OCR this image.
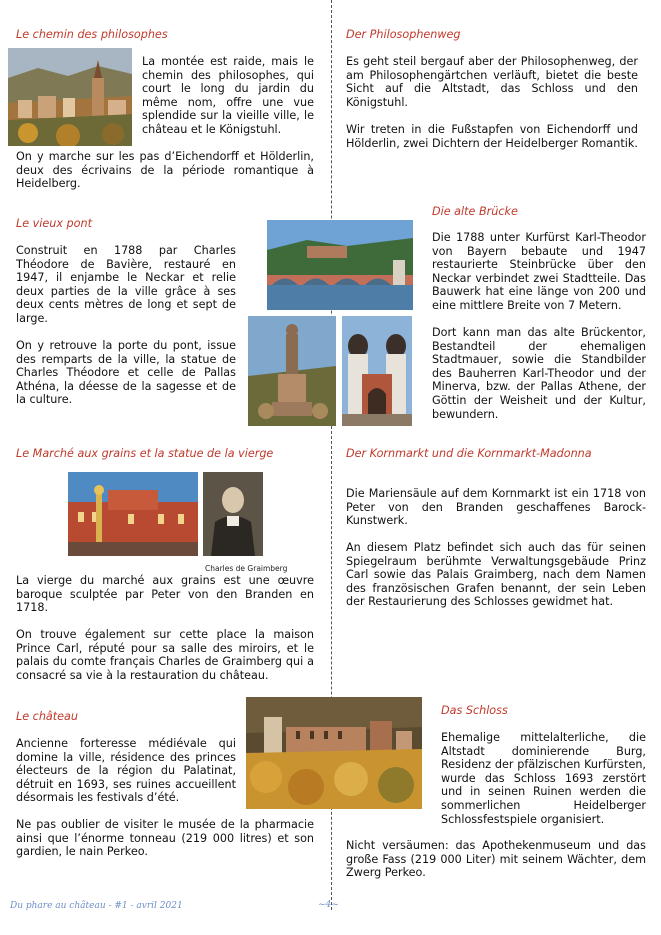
Le chemin des philosophes

La montée est raide, mais le chemin des philosophes, qui court le long du jardin du même nom, offre une vue splendide sur la vieille ville, le château et le Königstuhl.

On y marche sur les pas d’Eichendorff et Hölderlin, deux des écrivains de la période romantique à Heidelberg.

Der Philosophenweg

Es geht steil bergauf aber der Philosophenweg, der am Philosophengärtchen verläuft, bietet die beste Sicht auf die Altstadt, das Schloss und den Königstuhl.

Wir treten in die Fußstapfen von Eichendorff und Hölderlin, zwei Dichtern der Heidelberger Romantik.

Le vieux pont

Construit en 1788 par Charles Théodore de Bavière, restauré en 1947, il enjambe le Neckar et relie deux parties de la ville grâce à ses deux cents mètres de long et sept de large.

On y retrouve la porte du pont, issue des remparts de la ville, la statue de Charles Théodore et celle de Pallas Athéna, la déesse de la sagesse et de la culture.

Die alte Brücke

Die 1788 unter Kurfürst Karl-Theodor von Bayern bebaute und 1947 restaurierte Steinbrücke über den Neckar verbindet zwei Stadtteile. Das Bauwerk hat eine länge von 200 und eine mittlere Breite von 7 Metern.

Dort kann man das alte Brückentor, Bestandteil der ehemaligen Stadtmauer, sowie die Standbilder des Bauherren Karl-Theodor und der Minerva, bzw. der Pallas Athene, der Göttin der Weisheit und der Kultur, bewundern.

Le Marché aux grains et la statue de la vierge
Charles de Graimberg

La vierge du marché aux grains est une œuvre baroque sculptée par Peter von den Branden en 1718.

On trouve également sur cette place la maison Prince Carl, réputé pour sa salle des miroirs, et le palais du comte français Charles de Graimberg qui a consacré sa vie à la restauration du château.

Der Kornmarkt und die Kornmarkt-Madonna

Die Mariensäule auf dem Kornmarkt ist ein 1718 von Peter von den Branden geschaffenes Barock-Kunstwerk.

An diesem Platz befindet sich auch das für seinen Spiegelraum berühmte Verwaltungsgebäude Prinz Carl sowie das Palais Graimberg, nach dem Namen des französischen Grafen benannt, der sein Leben der Restaurierung des Schlosses gewidmet hat.

Le château

Ancienne forteresse médiévale qui domine la ville, résidence des princes électeurs de la région du Palatinat, détruit en 1693, ses ruines accueillent désormais les festivals d’été.

Ne pas oublier de visiter le musée de la pharmacie ainsi que l’énorme tonneau (219 000 litres) et son gardien, le nain Perkeo.

Das Schloss

Ehemalige mittelalterliche, die Altstadt dominierende Burg, Residenz der pfälzischen Kurfürsten, wurde das Schloss 1693 zerstört und in seinen Ruinen werden die sommerlichen Heidelberger Schlossfestspiele organisiert.

Nicht versäumen: das Apothekenmuseum und das große Fass (219 000 Liter) mit seinem Wächter, dem Zwerg Perkeo.

Du phare au château - #1 - avril 2021	~4~
